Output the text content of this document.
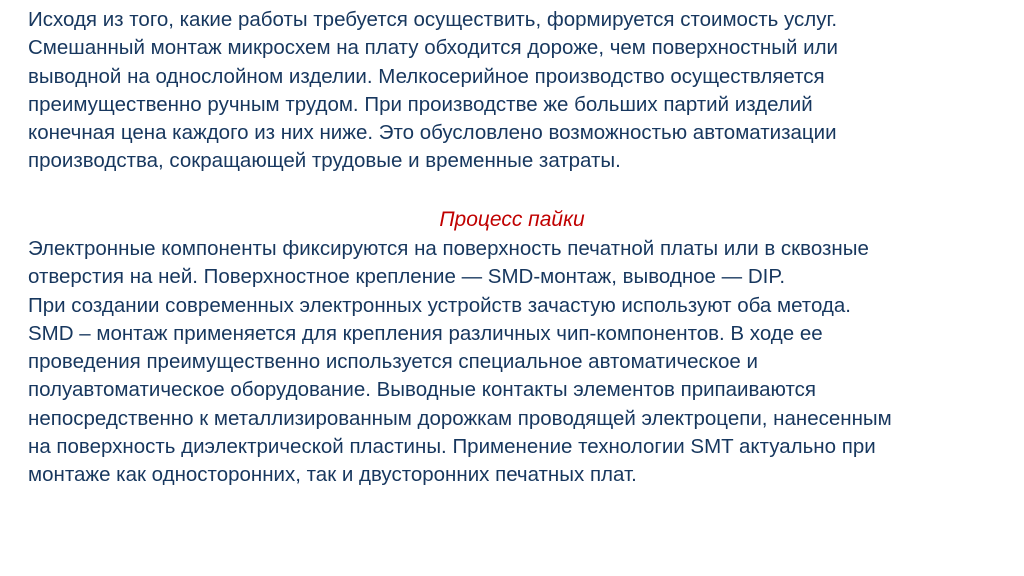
Исходя из того, какие работы требуется осуществить, формируется стоимость услуг.
Смешанный монтаж микросхем на плату обходится дороже, чем поверхностный или
выводной на однослойном изделии. Мелкосерийное производство осуществляется
преимущественно ручным трудом. При производстве же больших партий изделий
конечная цена каждого из них ниже. Это обусловлено возможностью автоматизации
производства, сокращающей трудовые и временные затраты.
Процесс пайки
Электронные компоненты фиксируются на поверхность печатной платы или в сквозные
отверстия на ней. Поверхностное крепление — SMD-монтаж, выводное — DIP.
При создании современных электронных устройств зачастую используют оба метода.
SMD – монтаж применяется для крепления различных чип-компонентов. В ходе ее
проведения преимущественно используется специальное автоматическое и
полуавтоматическое оборудование. Выводные контакты элементов припаиваются
непосредственно к металлизированным дорожкам проводящей электроцепи, нанесенным
на поверхность диэлектрической пластины. Применение технологии SMT актуально при
монтаже как односторонних, так и двусторонних печатных плат.
